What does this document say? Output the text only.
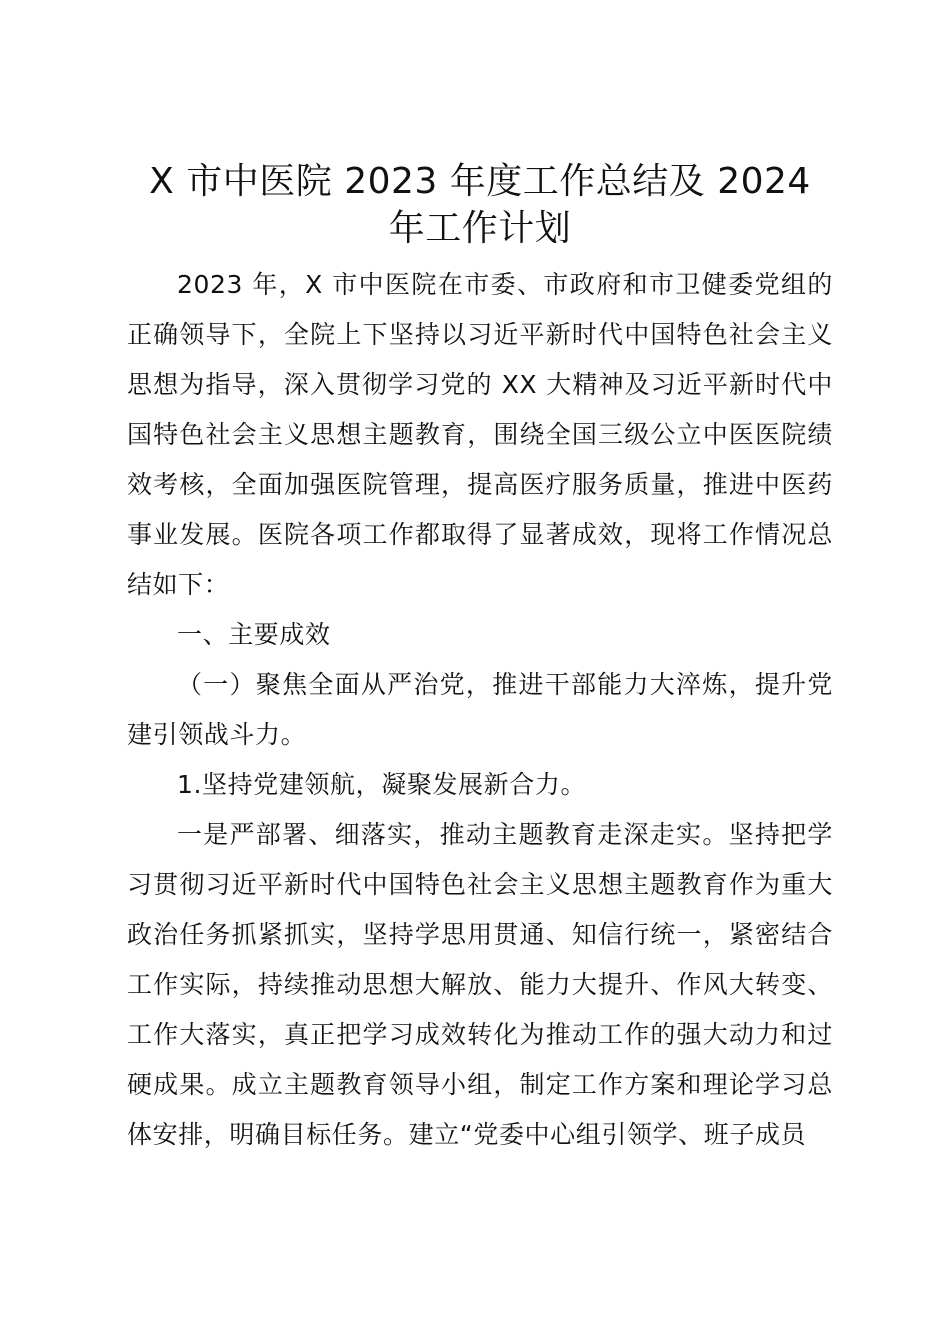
X 市中医院 2023 年度工作总结及 2024 年工作计划

2023 年，X 市中医院在市委、市政府和市卫健委党组的正确领导下，全院上下坚持以习近平新时代中国特色社会主义思想为指导，深入贯彻学习党的 XX 大精神及习近平新时代中国特色社会主义思想主题教育，围绕全国三级公立中医医院绩效考核，全面加强医院管理，提高医疗服务质量，推进中医药事业发展。医院各项工作都取得了显著成效，现将工作情况总结如下：

一、主要成效

（一）聚焦全面从严治党，推进干部能力大淬炼，提升党建引领战斗力。

1.坚持党建领航，凝聚发展新合力。

一是严部署、细落实，推动主题教育走深走实。坚持把学习贯彻习近平新时代中国特色社会主义思想主题教育作为重大政治任务抓紧抓实，坚持学思用贯通、知信行统一，紧密结合工作实际，持续推动思想大解放、能力大提升、作风大转变、工作大落实，真正把学习成效转化为推动工作的强大动力和过硬成果。成立主题教育领导小组，制定工作方案和理论学习总体安排，明确目标任务。建立“党委中心组引领学、班子成员
